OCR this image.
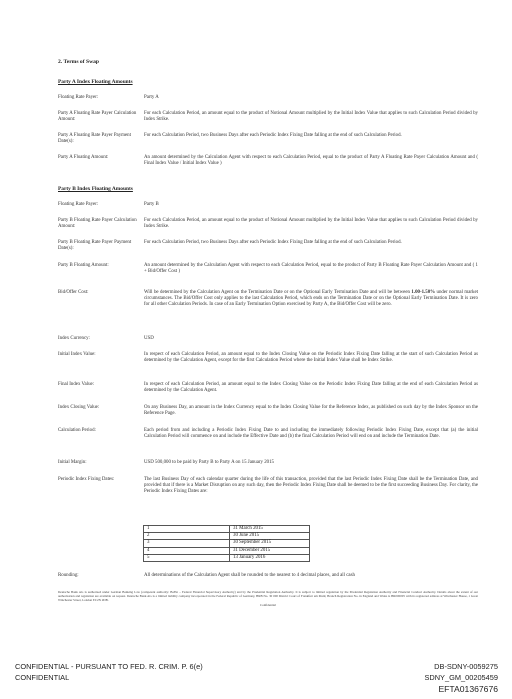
2. Terms of Swap
Party A Index Floating Amounts
Floating Rate Payer:	Party A
Party A Floating Rate Payer Calculation Amount:
For each Calculation Period, an amount equal to the product of Notional Amount multiplied by the Initial Index Value that applies to such Calculation Period divided by Index Strike.
Party A Floating Rate Payer Payment Date(s):
For each Calculation Period, two Business Days after each Periodic Index Fixing Date falling at the end of such Calculation Period.
Party A Floating Amount:	An amount determined by the Calculation Agent with respect to each Calculation Period, equal to the product of Party A Floating Rate Payer Calculation Amount and ( Final Index Value / Initial Index Value )
Party B Index Floating Amounts
Floating Rate Payer:	Party B
Party B Floating Rate Payer Calculation Amount:
For each Calculation Period, an amount equal to the product of Notional Amount multiplied by the Initial Index Value that applies to such Calculation Period divided by Index Strike.
Party B Floating Rate Payer Payment Date(s):
For each Calculation Period, two Business Days after each Periodic Index Fixing Date falling at the end of such Calculation Period.
Party B Floating Amount:	An amount determined by the Calculation Agent with respect to each Calculation Period, equal to the product of Party B Floating Rate Payer Calculation Amount and ( 1 + Bid/Offer Cost )
Bid/Offer Cost:	Will be determined by the Calculation Agent on the Termination Date or on the Optional Early Termination Date and will be between 1.00-1.50% under normal market circumstances. The Bid/Offer Cost only applies to the last Calculation Period, which ends on the Termination Date or on the Optional Early Termination Date. It is zero for all other Calculation Periods. In case of an Early Termination Option exercised by Party A, the Bid/Offer Cost will be zero.
Index Currency:	USD
Initial Index Value:	In respect of each Calculation Period, an amount equal to the Index Closing Value on the Periodic Index Fixing Date falling at the start of such Calculation Period as determined by the Calculation Agent, except for the first Calculation Period where the Initial Index Value shall be Index Strike.
Final Index Value:	In respect of each Calculation Period, an amount equal to the Index Closing Value on the Periodic Index Fixing Date falling at the end of each Calculation Period as determined by the Calculation Agent.
Index Closing Value:	On any Business Day, an amount in the Index Currency equal to the Index Closing Value for the Reference Index, as published on such day by the Index Sponsor on the Reference Page.
Calculation Period:	Each period from and including a Periodic Index Fixing Date to and including the immediately following Periodic Index Fixing Date, except that (a) the initial Calculation Period will commence on and include the Effective Date and (b) the final Calculation Period will end on and include the Termination Date.
Initial Margin:	USD 500,000 to be paid by Party B to Party A on 15 January 2015
Periodic Index Fixing Dates:	The last Business Day of each calendar quarter during the life of this transaction, provided that the last Periodic Index Fixing Date shall be the Termination Date, and provided that if there is a Market Disruption on any such day, then the Periodic Index Fixing Date shall be deemed to be the first succeeding Business Day. For clarity, the Periodic Index Fixing Dates are:
1	31 March 2015
2	30 June 2015
3	30 September 2015
4	31 December 2015
5	13 January 2016
Rounding:	All determinations of the Calculation Agent shall be rounded to the nearest to 4 decimal places, and all cash
Deutsche Bank AG is authorised under German Banking Law (competent authority: BaFin – Federal Financial Supervisory Authority) and by the Prudential Regulation Authority. It is subject to limited regulation by the Prudential Regulation Authority and Financial Conduct Authority. Details about the extent of our authorisation and regulation are available on request. Deutsche Bank AG is a limited liability company incorporated in the Federal Republic of Germany, HRB No. 30 000 District Court of Frankfurt am Main; Branch Registration No. in England and Wales is BR000005 with its registered address at Winchester House, 1 Great Winchester Street, London EC2N 2DB.
Confidential
CONFIDENTIAL - PURSUANT TO FED. R. CRIM. P. 6(e)
CONFIDENTIAL
DB-SDNY-0059275
SDNY_GM_00205459
EFTA01367676
